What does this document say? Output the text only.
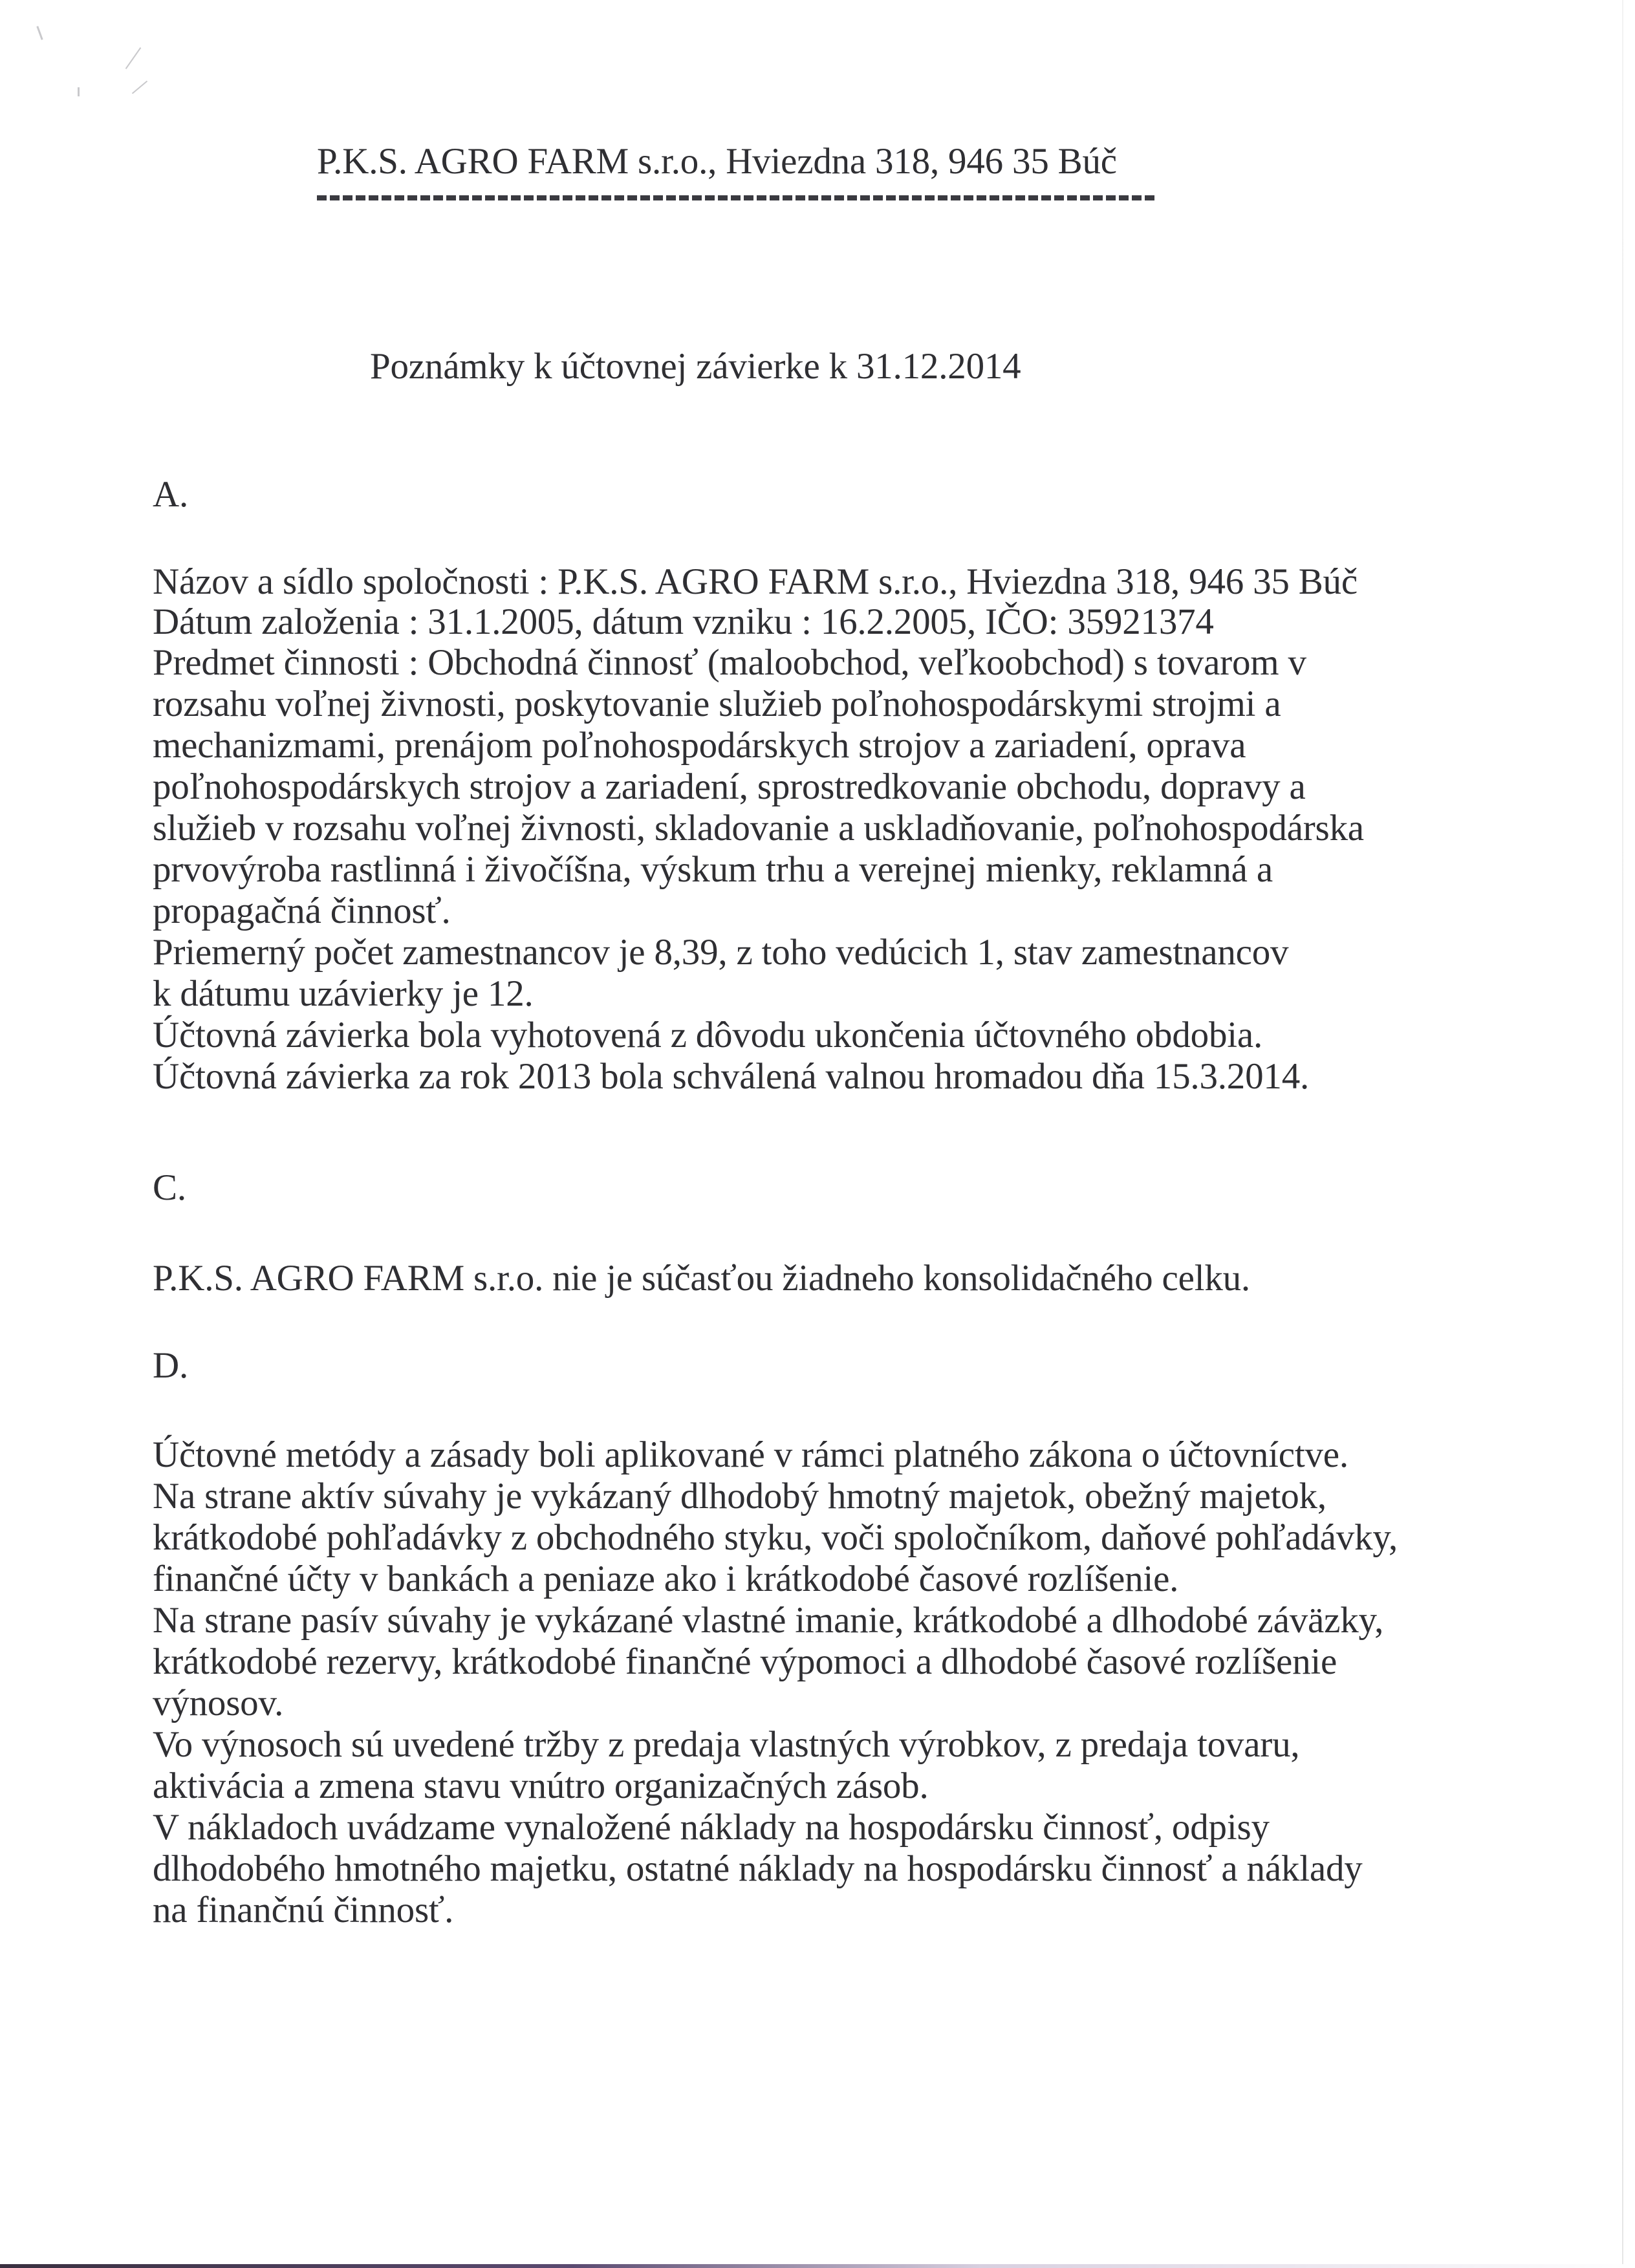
P.K.S. AGRO FARM s.r.o., Hviezdna 318, 946 35 Búč
Poznámky k účtovnej závierke k 31.12.2014
A.
Názov a sídlo spoločnosti : P.K.S. AGRO FARM s.r.o., Hviezdna 318, 946 35 Búč
Dátum založenia : 31.1.2005, dátum vzniku : 16.2.2005, IČO: 35921374
Predmet činnosti : Obchodná činnosť (maloobchod, veľkoobchod) s tovarom v
rozsahu voľnej živnosti, poskytovanie služieb poľnohospodárskymi strojmi a
mechanizmami, prenájom poľnohospodárskych strojov a zariadení, oprava
poľnohospodárskych strojov a zariadení, sprostredkovanie obchodu, dopravy a
služieb v rozsahu voľnej živnosti, skladovanie a uskladňovanie, poľnohospodárska
prvovýroba rastlinná i živočíšna, výskum trhu a verejnej mienky, reklamná a
propagačná činnosť.
Priemerný počet zamestnancov je 8,39, z toho vedúcich 1, stav zamestnancov
k dátumu uzávierky je 12.
Účtovná závierka bola vyhotovená z dôvodu ukončenia účtovného obdobia.
Účtovná závierka za rok 2013 bola schválená valnou hromadou dňa 15.3.2014.
C.
P.K.S. AGRO FARM s.r.o. nie je súčasťou žiadneho konsolidačného celku.
D.
Účtovné metódy a zásady boli aplikované v rámci platného zákona o účtovníctve.
Na strane aktív súvahy je vykázaný dlhodobý hmotný majetok, obežný majetok,
krátkodobé pohľadávky z obchodného styku, voči spoločníkom, daňové pohľadávky,
finančné účty v bankách a peniaze ako i krátkodobé časové rozlíšenie.
Na strane pasív súvahy je vykázané vlastné imanie, krátkodobé a dlhodobé záväzky,
krátkodobé rezervy, krátkodobé finančné výpomoci a dlhodobé časové rozlíšenie
výnosov.
Vo výnosoch sú uvedené tržby z predaja vlastných výrobkov, z predaja tovaru,
aktivácia a zmena stavu vnútro organizačných zásob.
V nákladoch uvádzame vynaložené náklady na hospodársku činnosť, odpisy
dlhodobého hmotného majetku, ostatné náklady na hospodársku činnosť a náklady
na finančnú činnosť.
